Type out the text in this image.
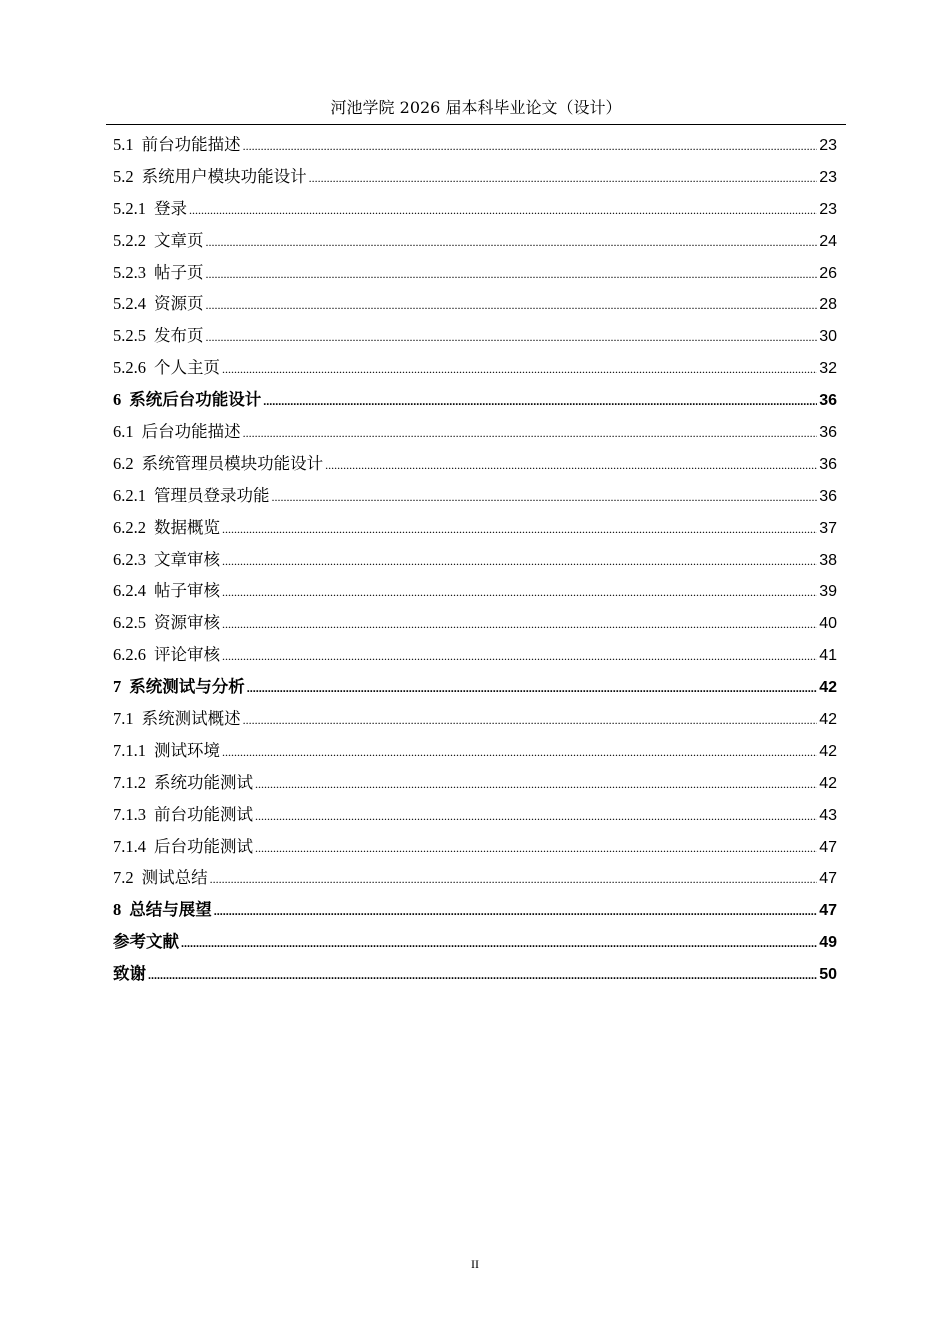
河池学院 2026 届本科毕业论文（设计）
5.1 前台功能描述 .....	23
5.2 系统用户模块功能设计 .....	23
5.2.1 登录 .....	23
5.2.2 文章页 .....	24
5.2.3 帖子页 .....	26
5.2.4 资源页 .....	28
5.2.5 发布页 .....	30
5.2.6 个人主页 .....	32
6 系统后台功能设计 .....	36
6.1 后台功能描述 .....	36
6.2 系统管理员模块功能设计 .....	36
6.2.1 管理员登录功能 .....	36
6.2.2 数据概览 .....	37
6.2.3 文章审核 .....	38
6.2.4 帖子审核 .....	39
6.2.5 资源审核 .....	40
6.2.6 评论审核 .....	41
7 系统测试与分析 .....	42
7.1 系统测试概述 .....	42
7.1.1 测试环境 .....	42
7.1.2 系统功能测试 .....	42
7.1.3 前台功能测试 .....	43
7.1.4 后台功能测试 .....	47
7.2 测试总结 .....	47
8 总结与展望 .....	47
参考文献 .....	49
致谢 .....	50
II
